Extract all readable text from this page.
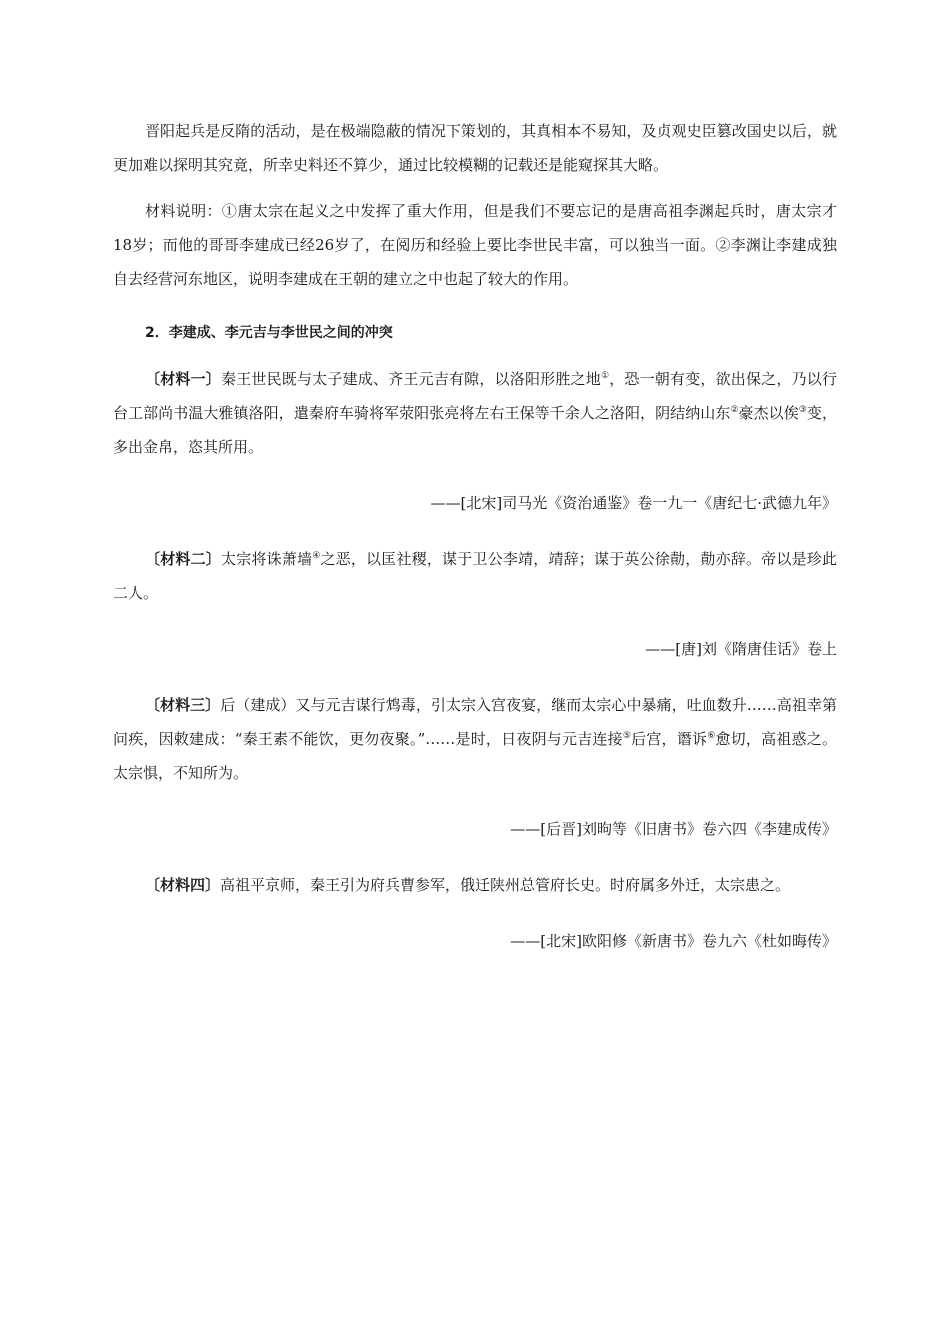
晋阳起兵是反隋的活动，是在极端隐蔽的情况下策划的，其真相本不易知，及贞观史臣篡改国史以后，就更加难以探明其究竟，所幸史料还不算少，通过比较模糊的记载还是能窥探其大略。

材料说明：①唐太宗在起义之中发挥了重大作用，但是我们不要忘记的是唐高祖李渊起兵时，唐太宗才18岁；而他的哥哥李建成已经26岁了，在阅历和经验上要比李世民丰富，可以独当一面。②李渊让李建成独自去经营河东地区，说明李建成在王朝的建立之中也起了较大的作用。

2．李建成、李元吉与李世民之间的冲突

〔材料一〕秦王世民既与太子建成、齐王元吉有隙，以洛阳形胜之地①，恐一朝有变，欲出保之，乃以行台工部尚书温大雅镇洛阳，遣秦府车骑将军荥阳张亮将左右王保等千余人之洛阳，阴结纳山东②豪杰以俟③变，多出金帛，恣其所用。

——[北宋]司马光《资治通鉴》卷一九一《唐纪七·武德九年》

〔材料二〕太宗将诛萧墙④之恶，以匡社稷，谋于卫公李靖，靖辞；谋于英公徐勣，勣亦辞。帝以是珍此二人。

——[唐]刘《隋唐佳话》卷上

〔材料三〕后（建成）又与元吉谋行鸩毒，引太宗入宫夜宴，继而太宗心中暴痛，吐血数升……高祖幸第问疾，因敕建成：“秦王素不能饮，更勿夜聚。”……是时，日夜阴与元吉连接⑤后宫，谮诉⑥愈切，高祖惑之。太宗惧，不知所为。

——[后晋]刘昫等《旧唐书》卷六四《李建成传》

〔材料四〕高祖平京师，秦王引为府兵曹参军，俄迁陕州总管府长史。时府属多外迁，太宗患之。

——[北宋]欧阳修《新唐书》卷九六《杜如晦传》
